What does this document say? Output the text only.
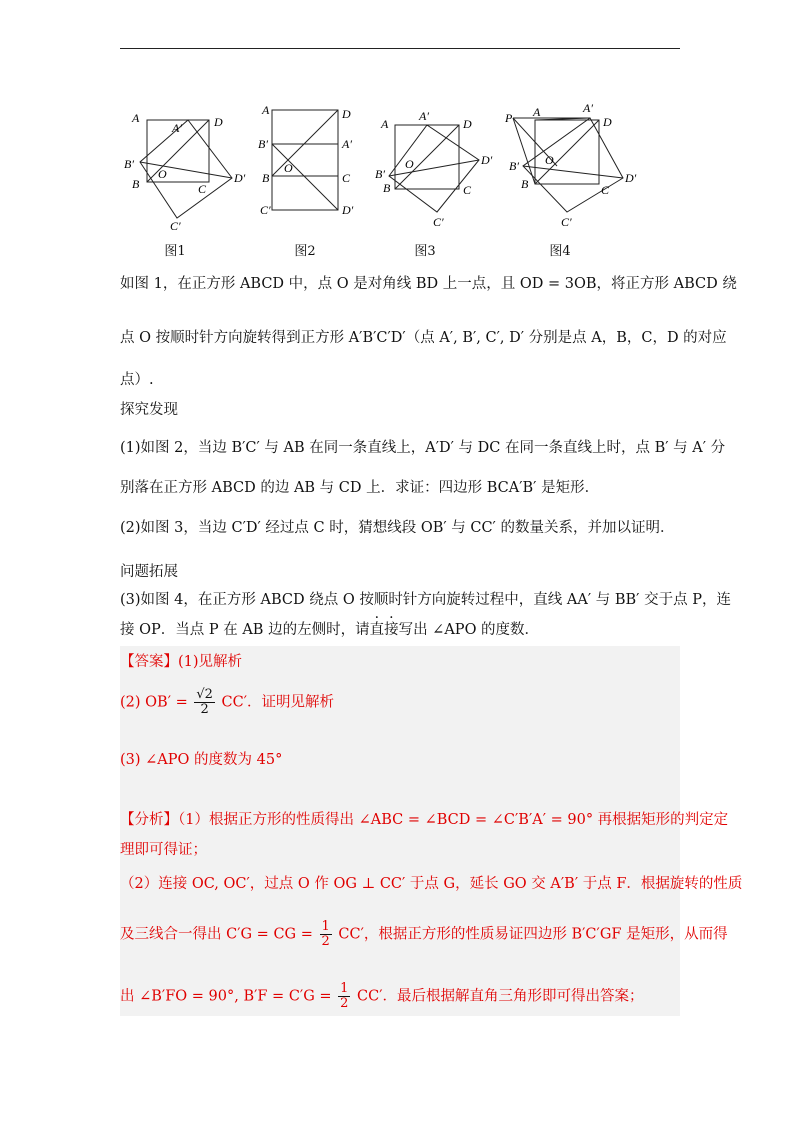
A
A′	D
B′
B
O
C
D′
C′
图1
A	D
B′	A′
B
O
C
C′	D′
图2
A
A′
D
O	D′
B′
B	C
C′
图3
P A	A′
D
O
B′
B	C
D′
C′
图4
如图 1，在正方形 ABCD 中，点 O 是对角线 BD 上一点，且 OD = 3OB，将正方形 ABCD 绕
点 O 按顺时针方向旋转得到正方形 A′B′C′D′（点 A′, B′, C′, D′ 分别是点 A，B，C，D 的对应
点）.
探究发现
(1)如图 2，当边 B′C′ 与 AB 在同一条直线上，A′D′ 与 DC 在同一条直线上时，点 B′ 与 A′ 分
别落在正方形 ABCD 的边 AB 与 CD 上．求证：四边形 BCA′B′ 是矩形．
(2)如图 3，当边 C′D′ 经过点 C 时，猜想线段 OB′ 与 CC′ 的数量关系，并加以证明．
问题拓展
(3)如图 4，在正方形 ABCD 绕点 O 按顺时针方向旋转过程中，直线 AA′ 与 BB′ 交于点 P，连
接 OP．当点 P 在 AB 边的左侧时，请直接写出 ∠APO 的度数．
【答案】(1)见解析
(2) $OB' = \frac{√2}{2} CC'$．证明见解析
(3) ∠APO 的度数为 45°
【分析】（1）根据正方形的性质得出 ∠ABC = ∠BCD = ∠C′B′A′ = 90° 再根据矩形的判定定
理即可得证；
（2）连接 OC, OC′，过点 O 作 OG ⊥ CC′ 于点 G，延长 GO 交 A′B′ 于点 F．根据旋转的性质
及三线合一得出 C′G = CG = $\frac{1}{2} CC'$，根据正方形的性质易证四边形 B′C′GF 是矩形，从而得
出 ∠B′FO = 90°, $B'F = C'G = \frac{1}{2} CC'$．最后根据解直角三角形即可得出答案；
